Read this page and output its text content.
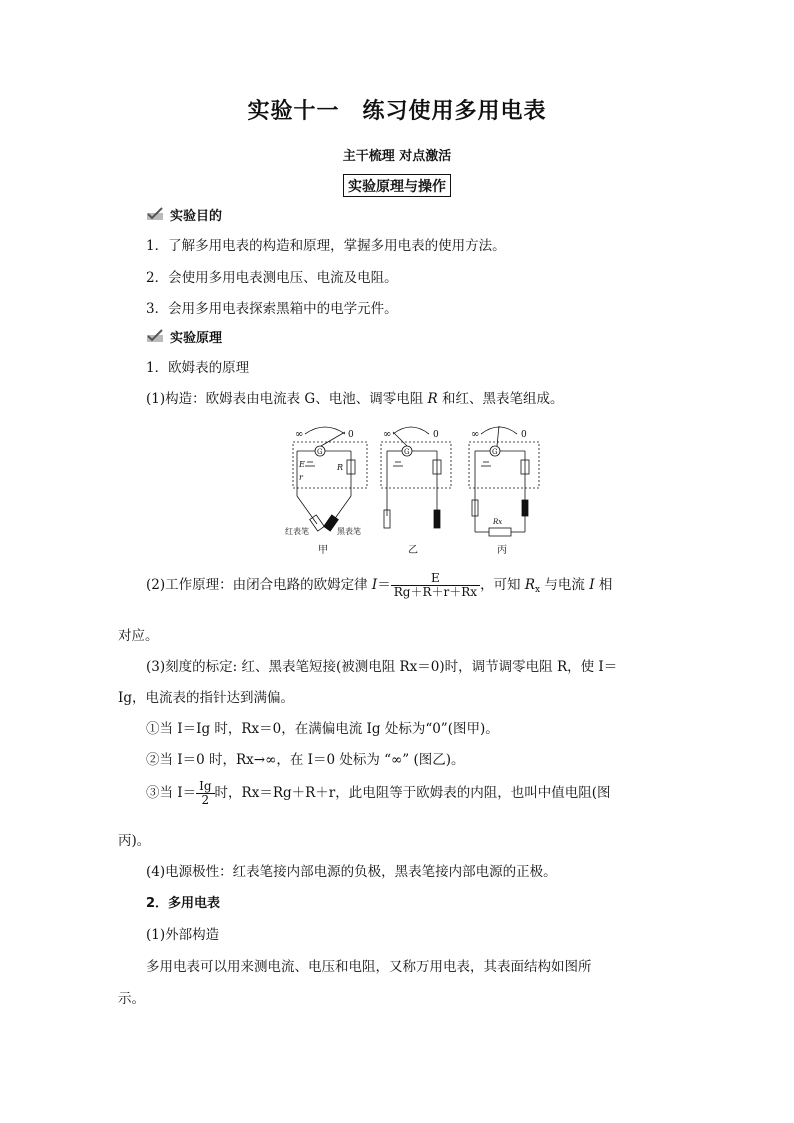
实验十一　练习使用多用电表
主干梳理 对点激活
实验原理与操作
实验目的
1．了解多用电表的构造和原理，掌握多用电表的使用方法。
2．会使用多用电表测电压、电流及电阻。
3．会用多用电表探索黑箱中的电学元件。
实验原理
1．欧姆表的原理
(1)构造：欧姆表由电流表 G、电池、调零电阻 R 和红、黑表笔组成。
∞	0
G
E
r
R
红表笔	黑表笔
∞	0
G
∞	0
G
Rx
甲	乙	丙
(2)工作原理：由闭合电路的欧姆定律 $I= \frac{E}{Rg+R+r+Rx}$ ，可知 $R_x$ 与电流 I 相
对应。
(3)刻度的标定: 红、黑表笔短接(被测电阻 Rx＝0)时，调节调零电阻 R，使 I＝
Ig，电流表的指针达到满偏。
①当 I＝Ig 时，Rx＝0，在满偏电流 Ig 处标为“0”(图甲)。
②当 I＝0 时，Rx→∞，在 I＝0 处标为 “∞” (图乙)。
③当 $I= \frac{Ig}{2}$ 时，Rx＝Rg＋R＋r，此电阻等于欧姆表的内阻，也叫中值电阻(图
丙)。
(4)电源极性：红表笔接内部电源的负极，黑表笔接内部电源的正极。
2．多用电表
(1)外部构造
多用电表可以用来测电流、电压和电阻，又称万用电表，其表面结构如图所
示。
